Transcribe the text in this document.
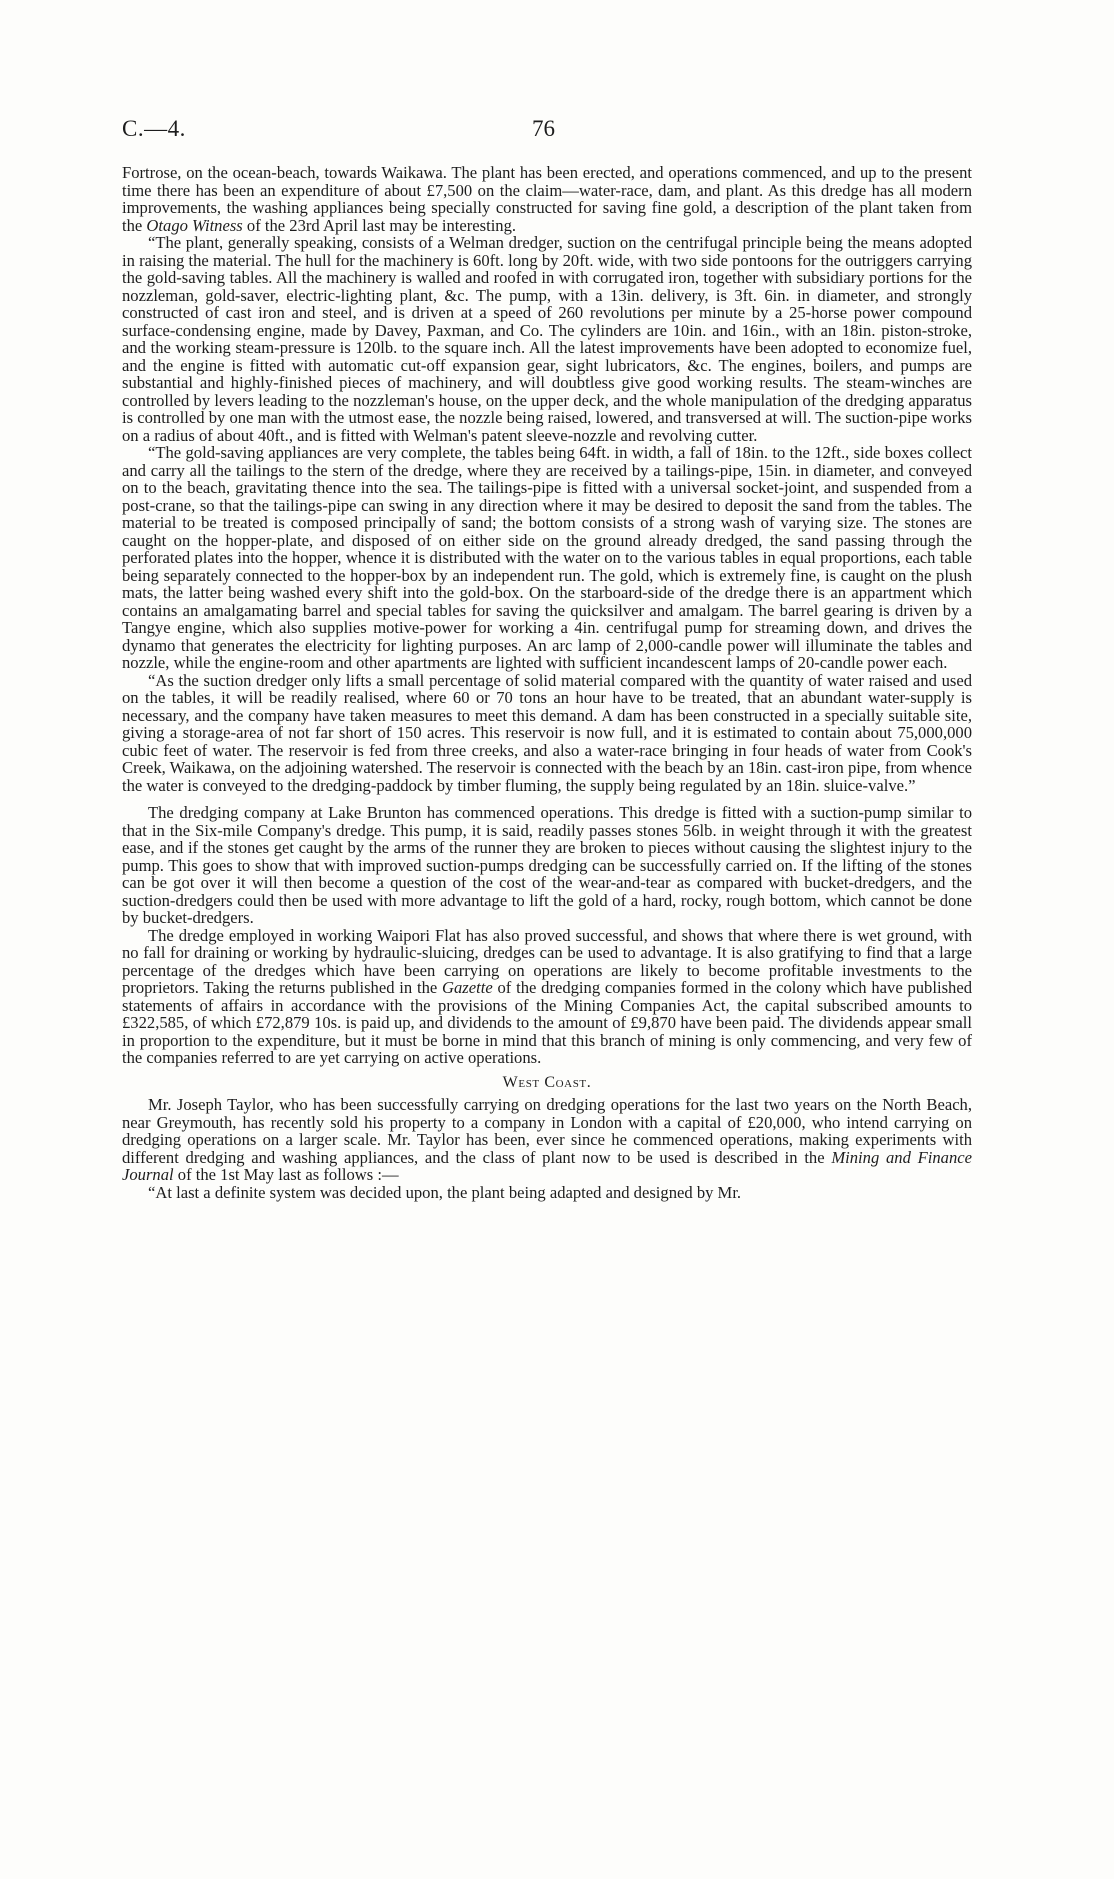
C.—4.	76

Fortrose, on the ocean-beach, towards Waikawa. The plant has been erected, and operations commenced, and up to the present time there has been an expenditure of about £7,500 on the claim—water-race, dam, and plant. As this dredge has all modern improvements, the washing appliances being specially constructed for saving fine gold, a description of the plant taken from the Otago Witness of the 23rd April last may be interesting.

“The plant, generally speaking, consists of a Welman dredger, suction on the centrifugal principle being the means adopted in raising the material. The hull for the machinery is 60ft. long by 20ft. wide, with two side pontoons for the outriggers carrying the gold-saving tables. All the machinery is walled and roofed in with corrugated iron, together with subsidiary portions for the nozzleman, gold-saver, electric-lighting plant, &c. The pump, with a 13in. delivery, is 3ft. 6in. in diameter, and strongly constructed of cast iron and steel, and is driven at a speed of 260 revolutions per minute by a 25-horse power compound surface-condensing engine, made by Davey, Paxman, and Co. The cylinders are 10in. and 16in., with an 18in. piston-stroke, and the working steam-pressure is 120lb. to the square inch. All the latest improvements have been adopted to economize fuel, and the engine is fitted with automatic cut-off expansion gear, sight lubricators, &c. The engines, boilers, and pumps are substantial and highly-finished pieces of machinery, and will doubtless give good working results. The steam-winches are controlled by levers leading to the nozzleman's house, on the upper deck, and the whole manipulation of the dredging apparatus is controlled by one man with the utmost ease, the nozzle being raised, lowered, and transversed at will. The suction-pipe works on a radius of about 40ft., and is fitted with Welman's patent sleeve-nozzle and revolving cutter.

“The gold-saving appliances are very complete, the tables being 64ft. in width, a fall of 18in. to the 12ft., side boxes collect and carry all the tailings to the stern of the dredge, where they are received by a tailings-pipe, 15in. in diameter, and conveyed on to the beach, gravitating thence into the sea. The tailings-pipe is fitted with a universal socket-joint, and suspended from a post-crane, so that the tailings-pipe can swing in any direction where it may be desired to deposit the sand from the tables. The material to be treated is composed principally of sand; the bottom consists of a strong wash of varying size. The stones are caught on the hopper-plate, and disposed of on either side on the ground already dredged, the sand passing through the perforated plates into the hopper, whence it is distributed with the water on to the various tables in equal proportions, each table being separately connected to the hopper-box by an independent run. The gold, which is extremely fine, is caught on the plush mats, the latter being washed every shift into the gold-box. On the starboard-side of the dredge there is an appartment which contains an amalgamating barrel and special tables for saving the quicksilver and amalgam. The barrel gearing is driven by a Tangye engine, which also supplies motive-power for working a 4in. centrifugal pump for streaming down, and drives the dynamo that generates the electricity for lighting purposes. An arc lamp of 2,000-candle power will illuminate the tables and nozzle, while the engine-room and other apartments are lighted with sufficient incandescent lamps of 20-candle power each.

“As the suction dredger only lifts a small percentage of solid material compared with the quantity of water raised and used on the tables, it will be readily realised, where 60 or 70 tons an hour have to be treated, that an abundant water-supply is necessary, and the company have taken measures to meet this demand. A dam has been constructed in a specially suitable site, giving a storage-area of not far short of 150 acres. This reservoir is now full, and it is estimated to contain about 75,000,000 cubic feet of water. The reservoir is fed from three creeks, and also a water-race bringing in four heads of water from Cook's Creek, Waikawa, on the adjoining watershed. The reservoir is connected with the beach by an 18in. cast-iron pipe, from whence the water is conveyed to the dredging-paddock by timber fluming, the supply being regulated by an 18in. sluice-valve.”

The dredging company at Lake Brunton has commenced operations. This dredge is fitted with a suction-pump similar to that in the Six-mile Company's dredge. This pump, it is said, readily passes stones 56lb. in weight through it with the greatest ease, and if the stones get caught by the arms of the runner they are broken to pieces without causing the slightest injury to the pump. This goes to show that with improved suction-pumps dredging can be successfully carried on. If the lifting of the stones can be got over it will then become a question of the cost of the wear-and-tear as compared with bucket-dredgers, and the suction-dredgers could then be used with more advantage to lift the gold of a hard, rocky, rough bottom, which cannot be done by bucket-dredgers.

The dredge employed in working Waipori Flat has also proved successful, and shows that where there is wet ground, with no fall for draining or working by hydraulic-sluicing, dredges can be used to advantage. It is also gratifying to find that a large percentage of the dredges which have been carrying on operations are likely to become profitable investments to the proprietors. Taking the returns published in the Gazette of the dredging companies formed in the colony which have published statements of affairs in accordance with the provisions of the Mining Companies Act, the capital subscribed amounts to £322,585, of which £72,879 10s. is paid up, and dividends to the amount of £9,870 have been paid. The dividends appear small in proportion to the expenditure, but it must be borne in mind that this branch of mining is only commencing, and very few of the companies referred to are yet carrying on active operations.

West Coast.

Mr. Joseph Taylor, who has been successfully carrying on dredging operations for the last two years on the North Beach, near Greymouth, has recently sold his property to a company in London with a capital of £20,000, who intend carrying on dredging operations on a larger scale. Mr. Taylor has been, ever since he commenced operations, making experiments with different dredging and washing appliances, and the class of plant now to be used is described in the Mining and Finance Journal of the 1st May last as follows :—

“At last a definite system was decided upon, the plant being adapted and designed by Mr.
